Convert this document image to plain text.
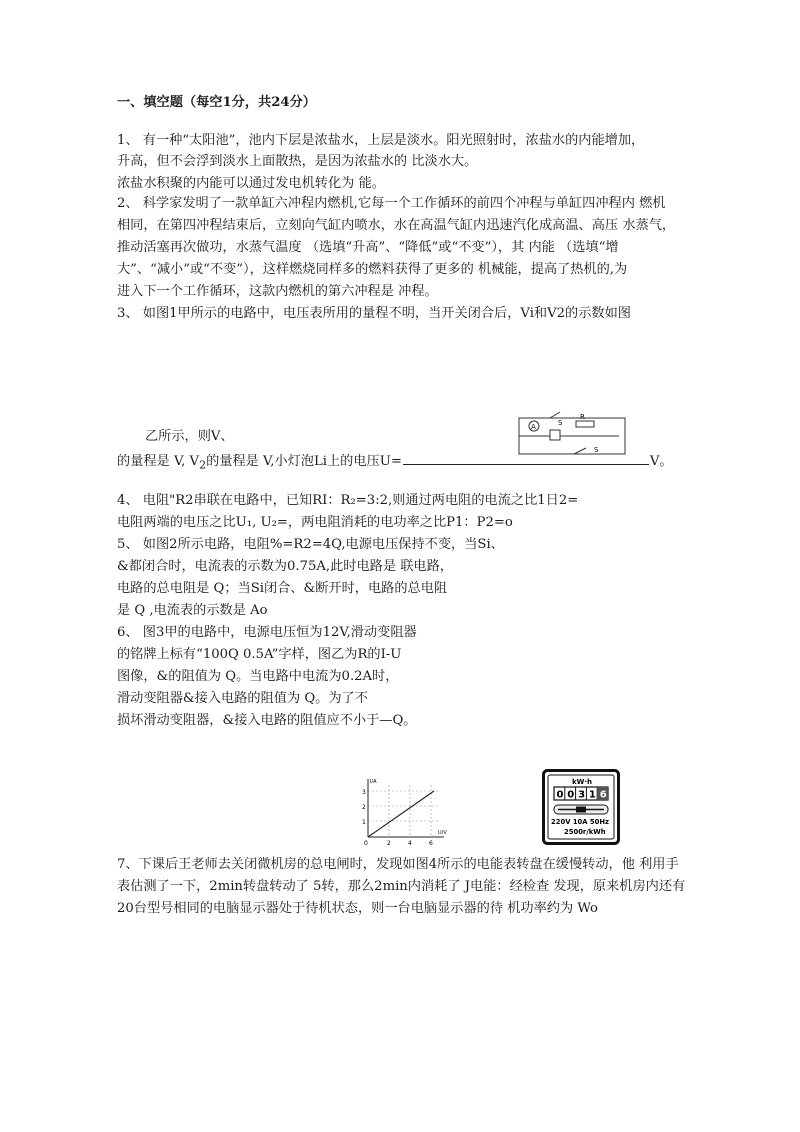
一、填空题（每空1分，共24分）
1、 有一种“太阳池”，池内下层是浓盐水，上层是淡水。阳光照射时，浓盐水的内能增加，
升高，但不会浮到淡水上面散热，是因为浓盐水的 比淡水大。
浓盐水积聚的内能可以通过发电机转化为 能。
2、 科学家发明了一款单缸六冲程内燃机,它每一个工作循环的前四个冲程与单缸四冲程内 燃机
相同，在第四冲程结束后，立刻向气缸内喷水，水在高温气缸内迅速汽化成高温、高压 水蒸气，
推动活塞再次做功，水蒸气温度 （选填“升高”、“降低”或“不变”），其 内能 （选填“增
大”、“减小”或“不变”），这样燃烧同样多的燃料获得了更多的 机械能，提高了热机的,为
进入下一个工作循环，这款内燃机的第六冲程是 冲程。
3、 如图1甲所示的电路中，电压表所用的量程不明，当开关闭合后，Vi和V2的示数如图
乙所示，则V、
的量程是 V, $V_2$的量程是 V,小灯泡Li上的电压U=	V。
4、 电阻"R2串联在电路中，已知RI：R₂=3:2,则通过两电阻的电流之比1日2=
电阻两端的电压之比U₁, U₂=，两电阻消耗的电功率之比P1：P2=o
5、 如图2所示电路，电阻%=R2=4Q,电源电压保持不变，当Si、
&都闭合时，电流表的示数为0.75A,此时电路是 联电路，
电路的总电阻是 Q；当Si闭合、&断开时，电路的总电阻
是 Q ,电流表的示数是 Ao
6、 图3甲的电路中，电源电压恒为12V,滑动变阻器
的铭牌上标有“100Q 0.5A”字样，图乙为R的I-U
图像，&的阻值为 Q。当电路中电流为0.2A时，
滑动变阻器&接入电路的阻值为 Q。为了不
损坏滑动变阻器，&接入电路的阻值应不小于—Q。
7、下课后王老师去关闭微机房的总电闸时，发现如图4所示的电能表转盘在缓慢转动，他 利用手
表估测了一下，2min转盘转动了 5转，那么2min内消耗了 J电能：经检查 发现，原来机房内还有
20台型号相同的电脑显示器处于待机状态，则一台电脑显示器的待 机功率约为 Wo
A
R
S
S
I/A
U/V
1
2
3
0	2	4	6
kW·h
0 0 3 1 6
220V 10A 50Hz
2500r/kWh
